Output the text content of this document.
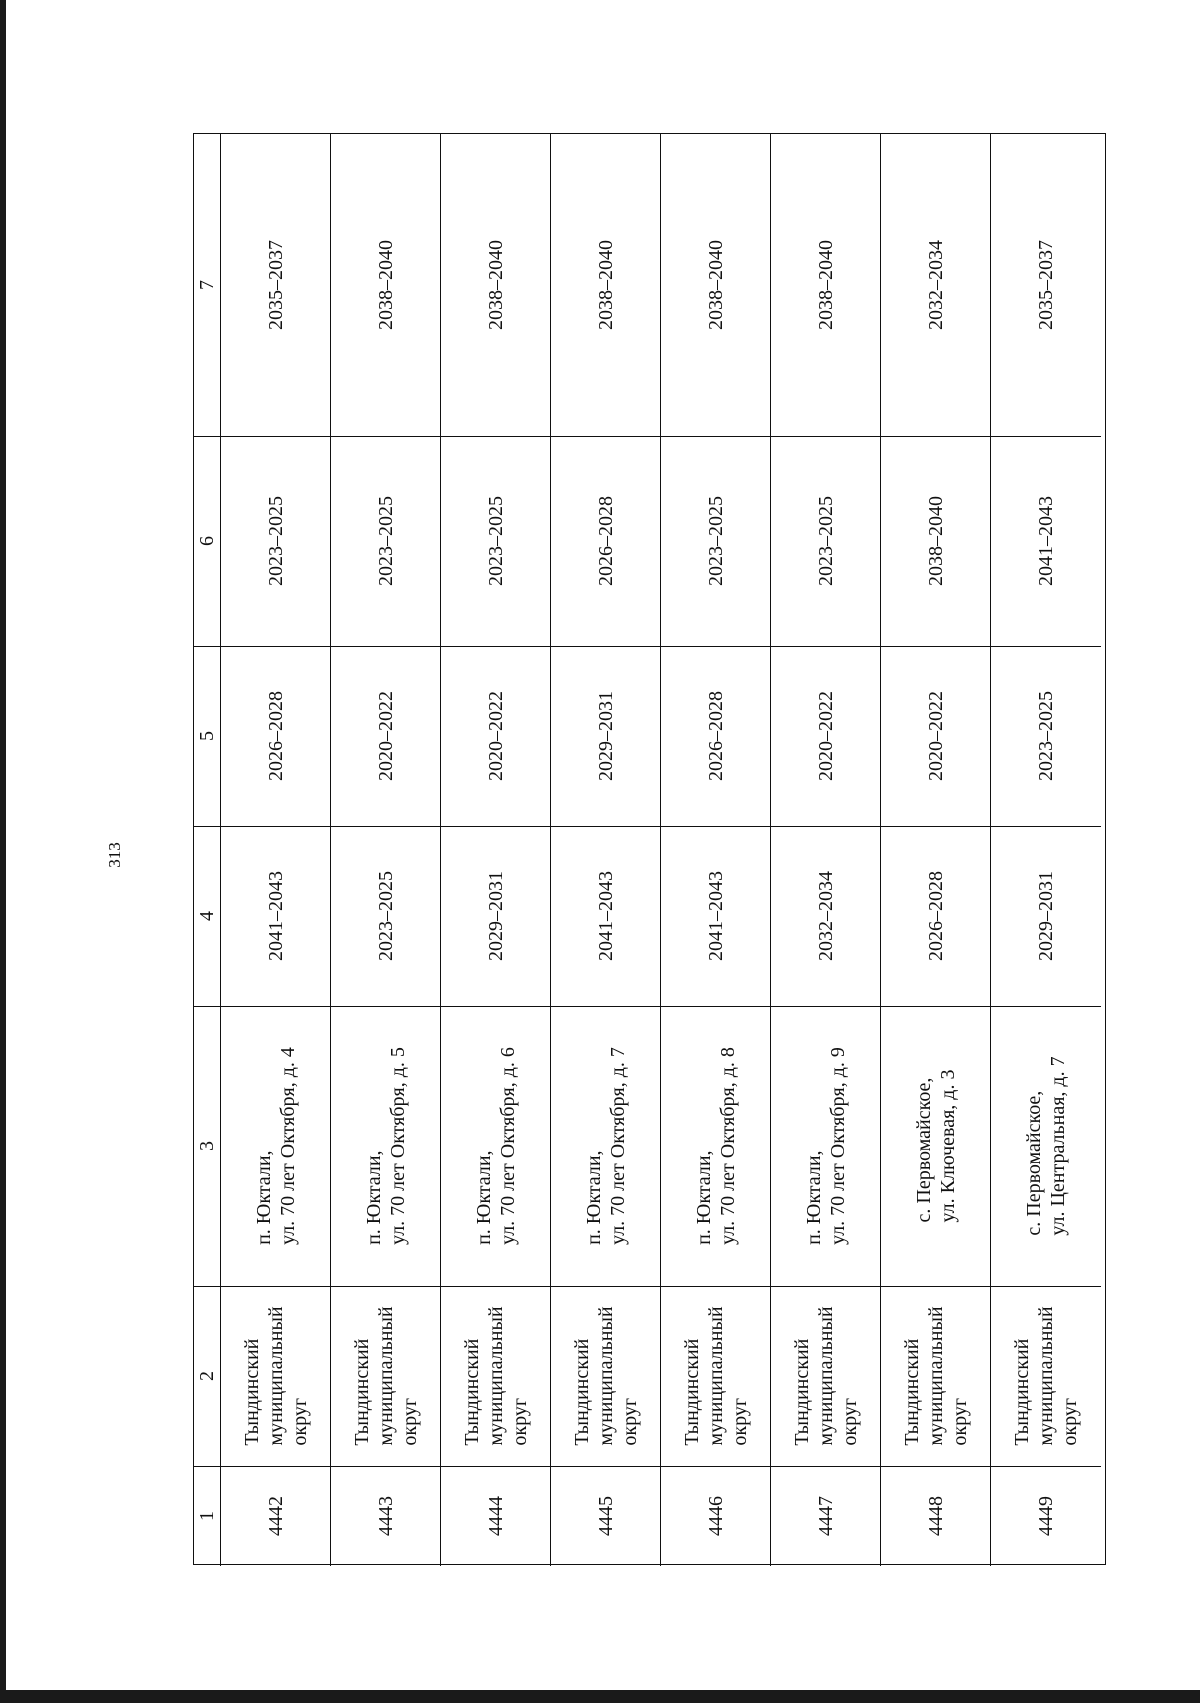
313
1
2
3
4
5
6
7
4442
Тындинский муниципальный округ
п. Юктали, ул. 70 лет Октября, д. 4
2041–2043
2026–2028
2023–2025
2035–2037
4443
Тындинский муниципальный округ
п. Юктали, ул. 70 лет Октября, д. 5
2023–2025
2020–2022
2023–2025
2038–2040
4444
Тындинский муниципальный округ
п. Юктали, ул. 70 лет Октября, д. 6
2029–2031
2020–2022
2023–2025
2038–2040
4445
Тындинский муниципальный округ
п. Юктали, ул. 70 лет Октября, д. 7
2041–2043
2029–2031
2026–2028
2038–2040
4446
Тындинский муниципальный округ
п. Юктали, ул. 70 лет Октября, д. 8
2041–2043
2026–2028
2023–2025
2038–2040
4447
Тындинский муниципальный округ
п. Юктали, ул. 70 лет Октября, д. 9
2032–2034
2020–2022
2023–2025
2038–2040
4448
Тындинский муниципальный округ
с. Первомайское, ул. Ключевая, д. 3
2026–2028
2020–2022
2038–2040
2032–2034
4449
Тындинский муниципальный округ
с. Первомайское, ул. Центральная, д. 7
2029–2031
2023–2025
2041–2043
2035–2037
